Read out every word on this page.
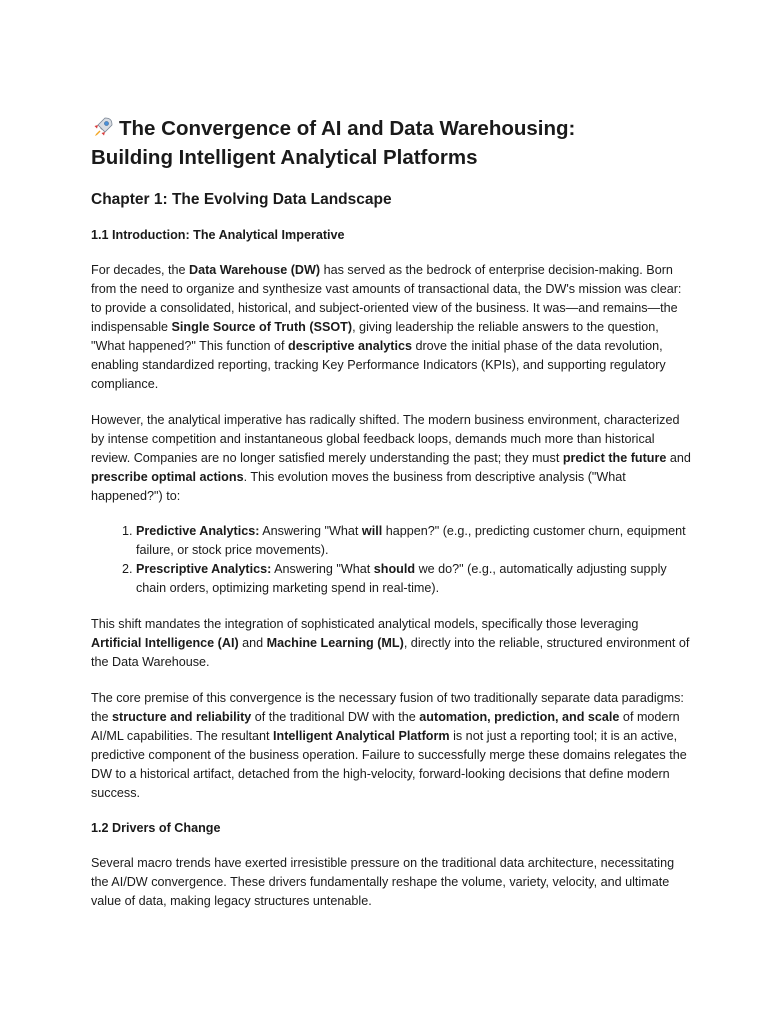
The Convergence of AI and Data Warehousing:
Building Intelligent Analytical Platforms
Chapter 1: The Evolving Data Landscape
1.1 Introduction: The Analytical Imperative

For decades, the Data Warehouse (DW) has served as the bedrock of enterprise decision-making. Born from the need to organize and synthesize vast amounts of transactional data, the DW's mission was clear: to provide a consolidated, historical, and subject-oriented view of the business. It was—and remains—the indispensable Single Source of Truth (SSOT), giving leadership the reliable answers to the question, "What happened?" This function of descriptive analytics drove the initial phase of the data revolution, enabling standardized reporting, tracking Key Performance Indicators (KPIs), and supporting regulatory compliance.

However, the analytical imperative has radically shifted. The modern business environment, characterized by intense competition and instantaneous global feedback loops, demands much more than historical review. Companies are no longer satisfied merely understanding the past; they must predict the future and prescribe optimal actions. This evolution moves the business from descriptive analysis ("What happened?") to:

1. Predictive Analytics: Answering "What will happen?" (e.g., predicting customer churn, equipment failure, or stock price movements).
2. Prescriptive Analytics: Answering "What should we do?" (e.g., automatically adjusting supply chain orders, optimizing marketing spend in real-time).

This shift mandates the integration of sophisticated analytical models, specifically those leveraging Artificial Intelligence (AI) and Machine Learning (ML), directly into the reliable, structured environment of the Data Warehouse.

The core premise of this convergence is the necessary fusion of two traditionally separate data paradigms: the structure and reliability of the traditional DW with the automation, prediction, and scale of modern AI/ML capabilities. The resultant Intelligent Analytical Platform is not just a reporting tool; it is an active, predictive component of the business operation. Failure to successfully merge these domains relegates the DW to a historical artifact, detached from the high-velocity, forward-looking decisions that define modern success.

1.2 Drivers of Change

Several macro trends have exerted irresistible pressure on the traditional data architecture, necessitating the AI/DW convergence. These drivers fundamentally reshape the volume, variety, velocity, and ultimate value of data, making legacy structures untenable.
